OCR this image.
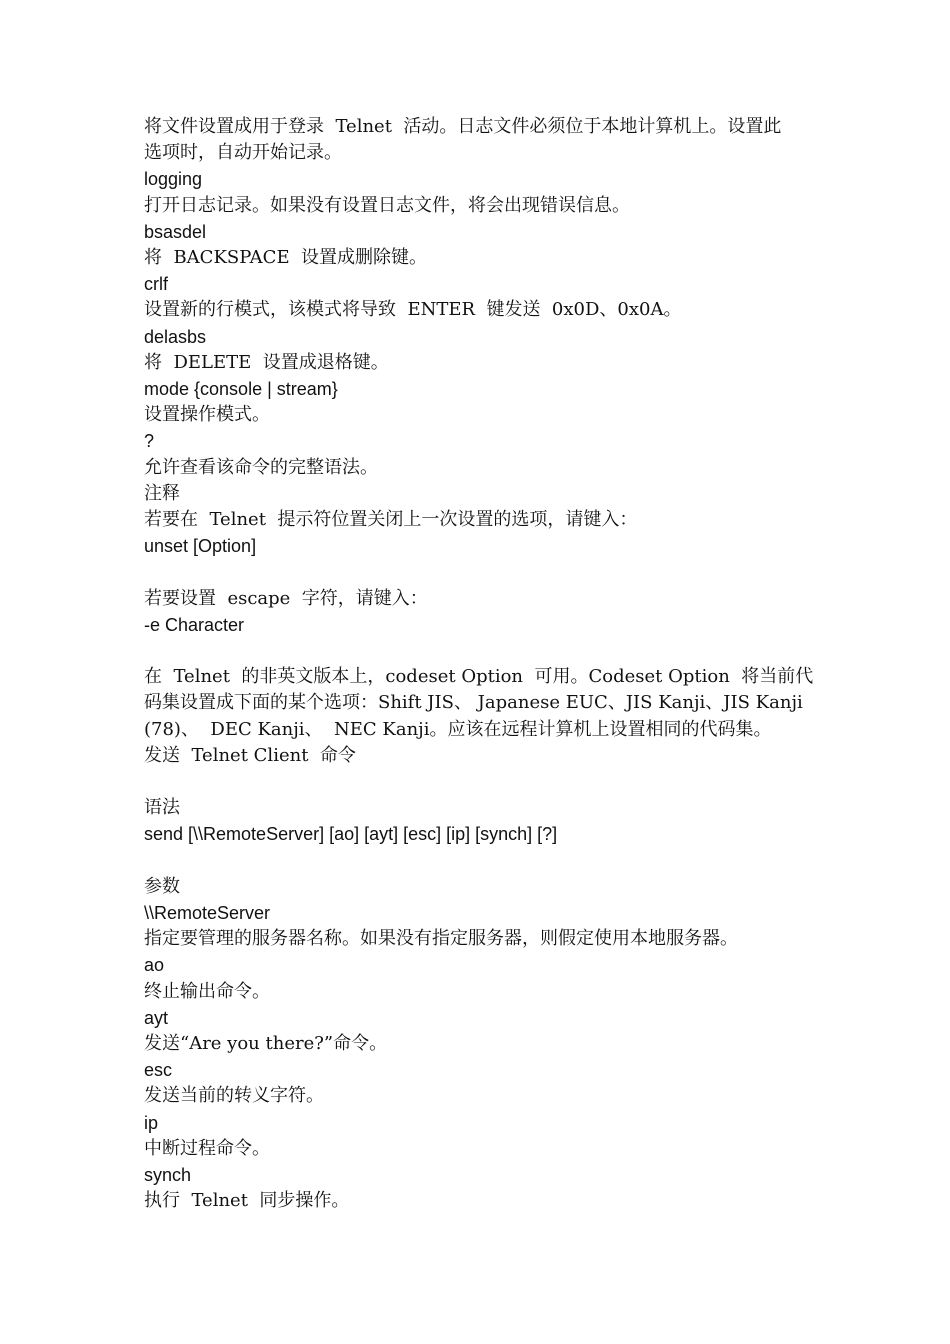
将文件设置成用于登录  Telnet  活动。日志文件必须位于本地计算机上。设置此
选项时，自动开始记录。
logging
打开日志记录。如果没有设置日志文件，将会出现错误信息。
bsasdel
将  BACKSPACE  设置成删除键。
crlf
设置新的行模式，该模式将导致  ENTER  键发送  0x0D、0x0A。
delasbs
将  DELETE  设置成退格键。
mode {console | stream}
设置操作模式。
?
允许查看该命令的完整语法。
注释
若要在  Telnet  提示符位置关闭上一次设置的选项，请键入：
unset [Option]
若要设置  escape  字符，请键入：
-e Character
在  Telnet  的非英文版本上，codeset Option  可用。Codeset Option  将当前代
码集设置成下面的某个选项：Shift JIS、 Japanese EUC、JIS Kanji、JIS Kanji
(78)、  DEC Kanji、  NEC Kanji。应该在远程计算机上设置相同的代码集。
发送  Telnet Client  命令
语法
send [\\RemoteServer] [ao] [ayt] [esc] [ip] [synch] [?]
参数
\\RemoteServer
指定要管理的服务器名称。如果没有指定服务器，则假定使用本地服务器。
ao
终止输出命令。
ayt
发送“Are you there?”命令。
esc
发送当前的转义字符。
ip
中断过程命令。
synch
执行  Telnet  同步操作。
